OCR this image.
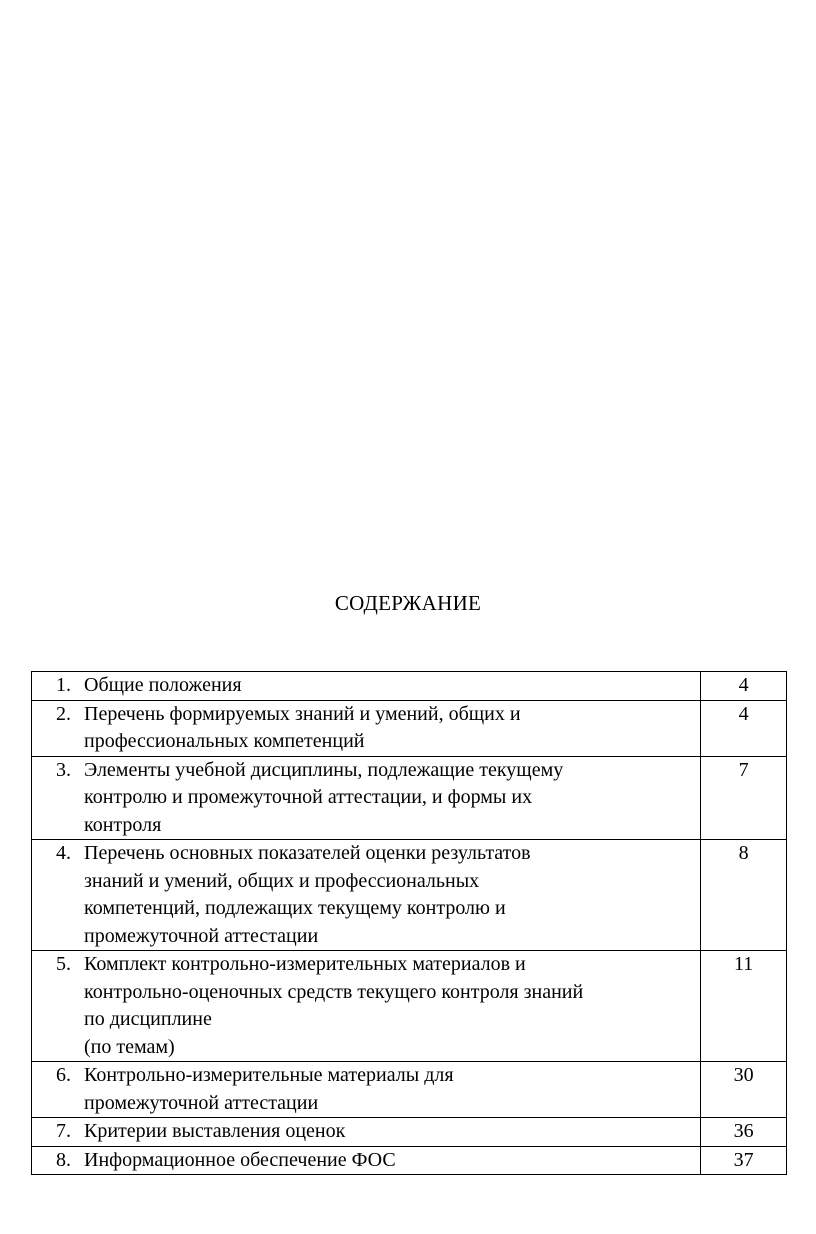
СОДЕРЖАНИЕ
1. Общие положения	4

2. Перечень формируемых знаний и умений, общих и
профессиональных компетенций	4

3. Элементы учебной дисциплины, подлежащие текущему
контролю и промежуточной аттестации, и формы их
контроля	7

4. Перечень основных показателей оценки результатов
знаний и умений, общих и профессиональных
компетенций, подлежащих текущему контролю и
промежуточной аттестации	8

5. Комплект контрольно-измерительных материалов и
контрольно-оценочных средств текущего контроля знаний
по дисциплине
(по темам)	11

6. Контрольно-измерительные материалы для
промежуточной аттестации	30

7. Критерии выставления оценок	36

8. Информационное обеспечение ФОС	37
